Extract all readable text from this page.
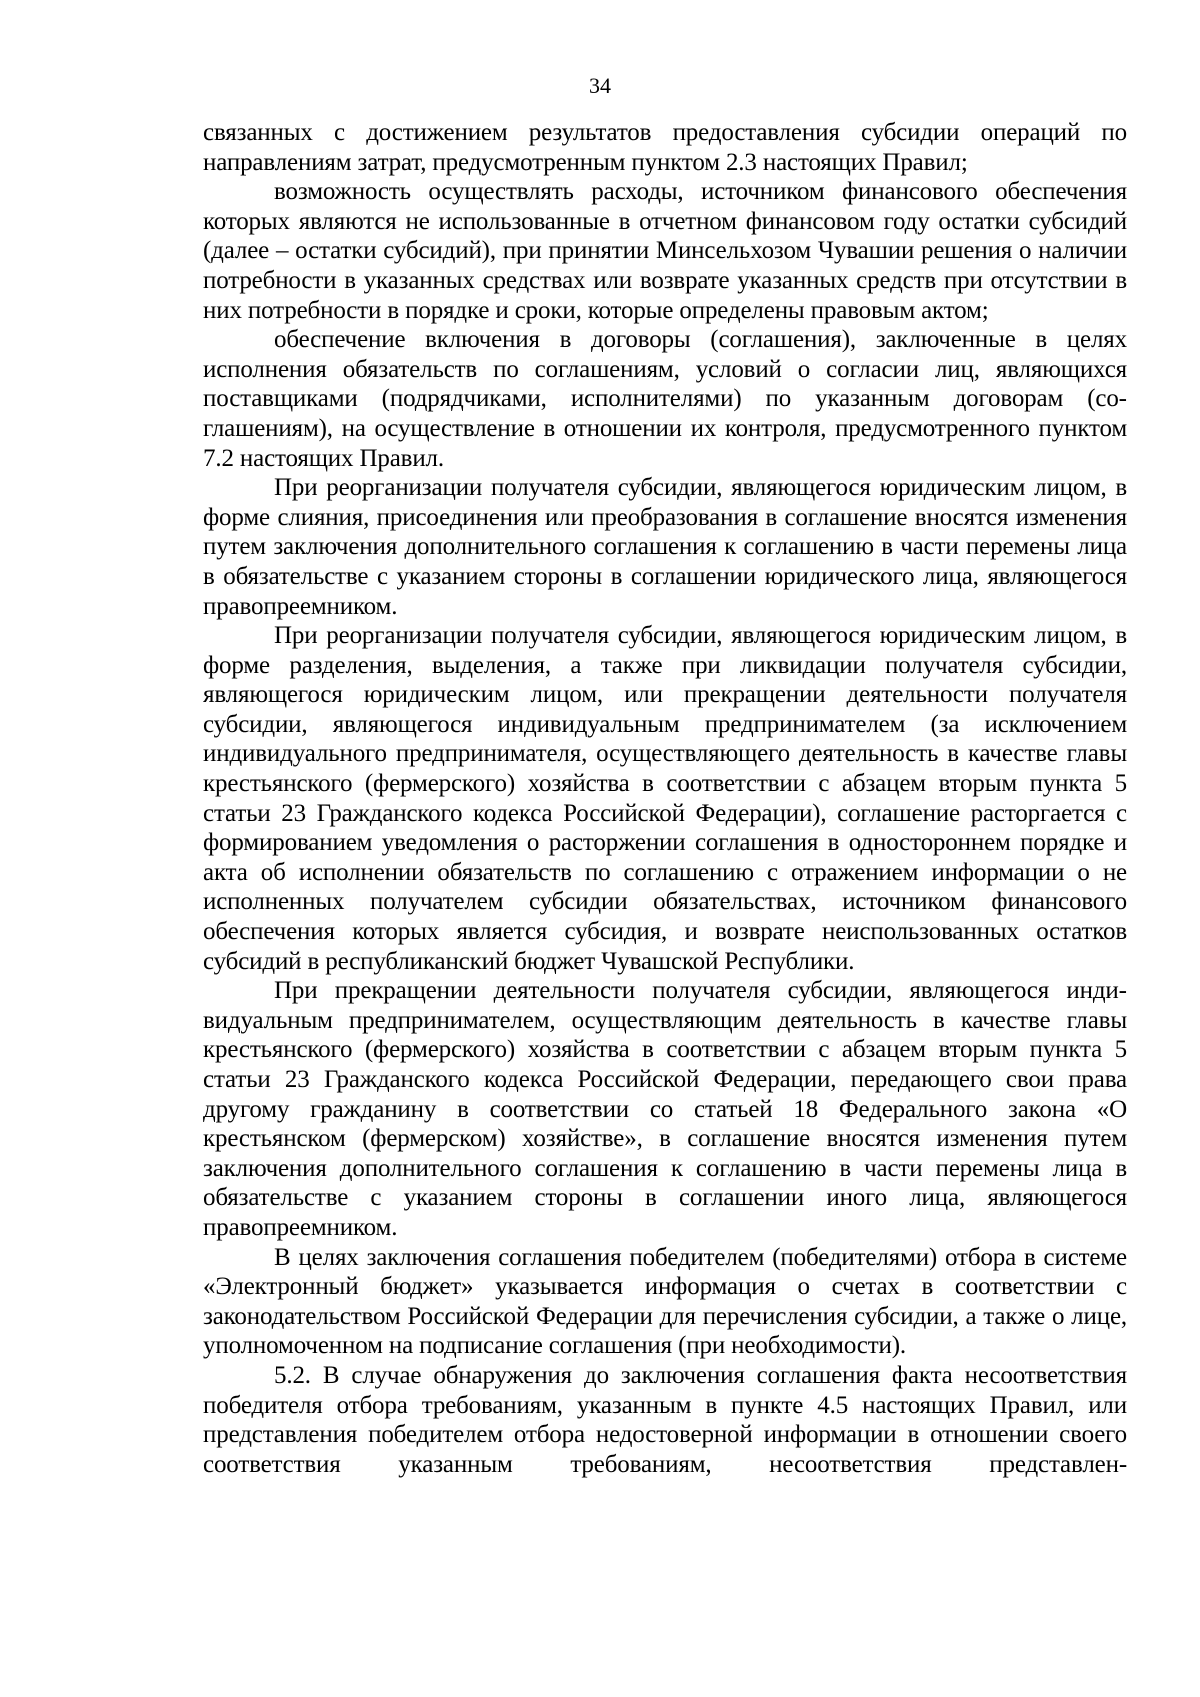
34

связанных с достижением результатов предоставления субсидии операций по направлениям затрат, предусмотренным пунктом 2.3 настоящих Правил;

возможность осуществлять расходы, источником финансового обеспечения которых являются не использованные в отчетном финансовом году остатки субсидий (далее – остатки субсидий), при принятии Минсельхозом Чувашии решения о наличии потребности в указанных средствах или возврате указанных средств при отсутствии в них потребности в порядке и сроки, которые определены правовым актом;

обеспечение включения в договоры (соглашения), заключенные в целях исполнения обязательств по соглашениям, условий о согласии лиц, являющихся поставщиками (подрядчиками, исполнителями) по указанным договорам (соглашениям), на осуществление в отношении их контроля, предусмотренного пунктом 7.2 настоящих Правил.

При реорганизации получателя субсидии, являющегося юридическим лицом, в форме слияния, присоединения или преобразования в соглашение вносятся изменения путем заключения дополнительного соглашения к соглашению в части перемены лица в обязательстве с указанием стороны в соглашении юридического лица, являющегося правопреемником.

При реорганизации получателя субсидии, являющегося юридическим лицом, в форме разделения, выделения, а также при ликвидации получателя субсидии, являющегося юридическим лицом, или прекращении деятельности получателя субсидии, являющегося индивидуальным предпринимателем (за исключением индивидуального предпринимателя, осуществляющего деятельность в качестве главы крестьянского (фермерского) хозяйства в соответствии с абзацем вторым пункта 5 статьи 23 Гражданского кодекса Российской Федерации), соглашение расторгается с формированием уведомления о расторжении соглашения в одностороннем порядке и акта об исполнении обязательств по соглашению с отражением информации о не исполненных получателем субсидии обязательствах, источником финансового обеспечения которых является субсидия, и возврате неиспользованных остатков субсидий в республиканский бюджет Чувашской Республики.

При прекращении деятельности получателя субсидии, являющегося индивидуальным предпринимателем, осуществляющим деятельность в качестве главы крестьянского (фермерского) хозяйства в соответствии с абзацем вторым пункта 5 статьи 23 Гражданского кодекса Российской Федерации, передающего свои права другому гражданину в соответствии со статьей 18 Федерального закона «О крестьянском (фермерском) хозяйстве», в соглашение вносятся изменения путем заключения дополнительного соглашения к соглашению в части перемены лица в обязательстве с указанием стороны в соглашении иного лица, являющегося правопреемником.

В целях заключения соглашения победителем (победителями) отбора в системе «Электронный бюджет» указывается информация о счетах в соответствии с законодательством Российской Федерации для перечисления субсидии, а также о лице, уполномоченном на подписание соглашения (при необходимости).

5.2. В случае обнаружения до заключения соглашения факта несоответствия победителя отбора требованиям, указанным в пункте 4.5 настоящих Правил, или представления победителем отбора недостоверной информации в отношении своего соответствия указанным требованиям, несоответствия представлен-
